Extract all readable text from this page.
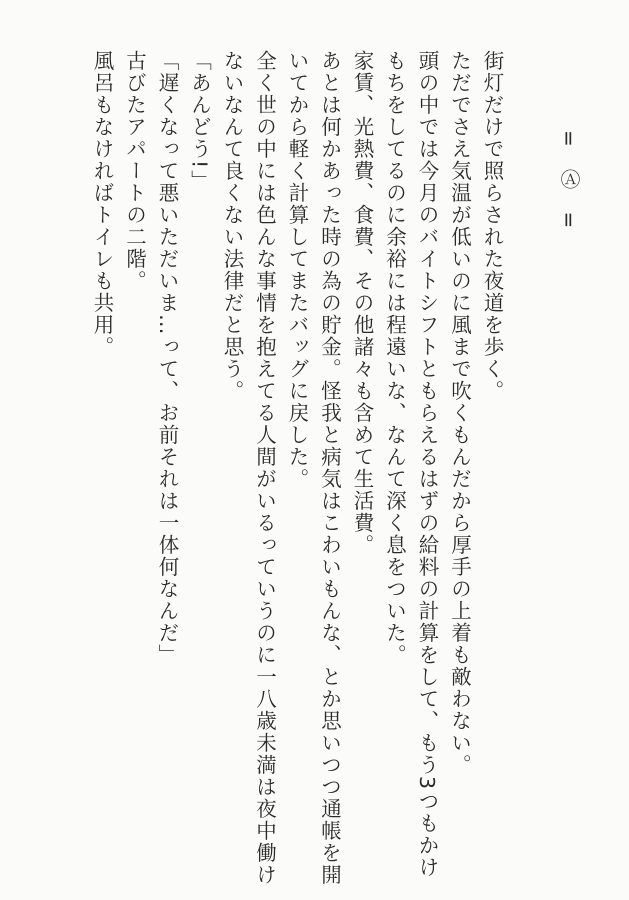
= Ⓐ =
街灯だけで照らされた夜道を歩く。
ただでさえ気温が低いのに風まで吹くもんだから厚手の上着も敵わない。
頭の中では今月のバイトシフトともらえるはずの給料の計算をして、もう3つもかけ
もちをしてるのに余裕には程遠いな、なんて深く息をついた。
家賃、光熱費、食費、その他諸々も含めて生活費。
あとは何かあった時の為の貯金。怪我と病気はこわいもんな、とか思いつつ通帳を開
いてから軽く計算してまたバッグに戻した。
全く世の中には色んな事情を抱えてる人間がいるっていうのに一八歳未満は夜中働け
ないなんて良くない法律だと思う。
「あんどう!」
「遅くなって悪いただいま…って、お前それは一体何なんだ」
古びたアパートの二階。
風呂もなければトイレも共用。
